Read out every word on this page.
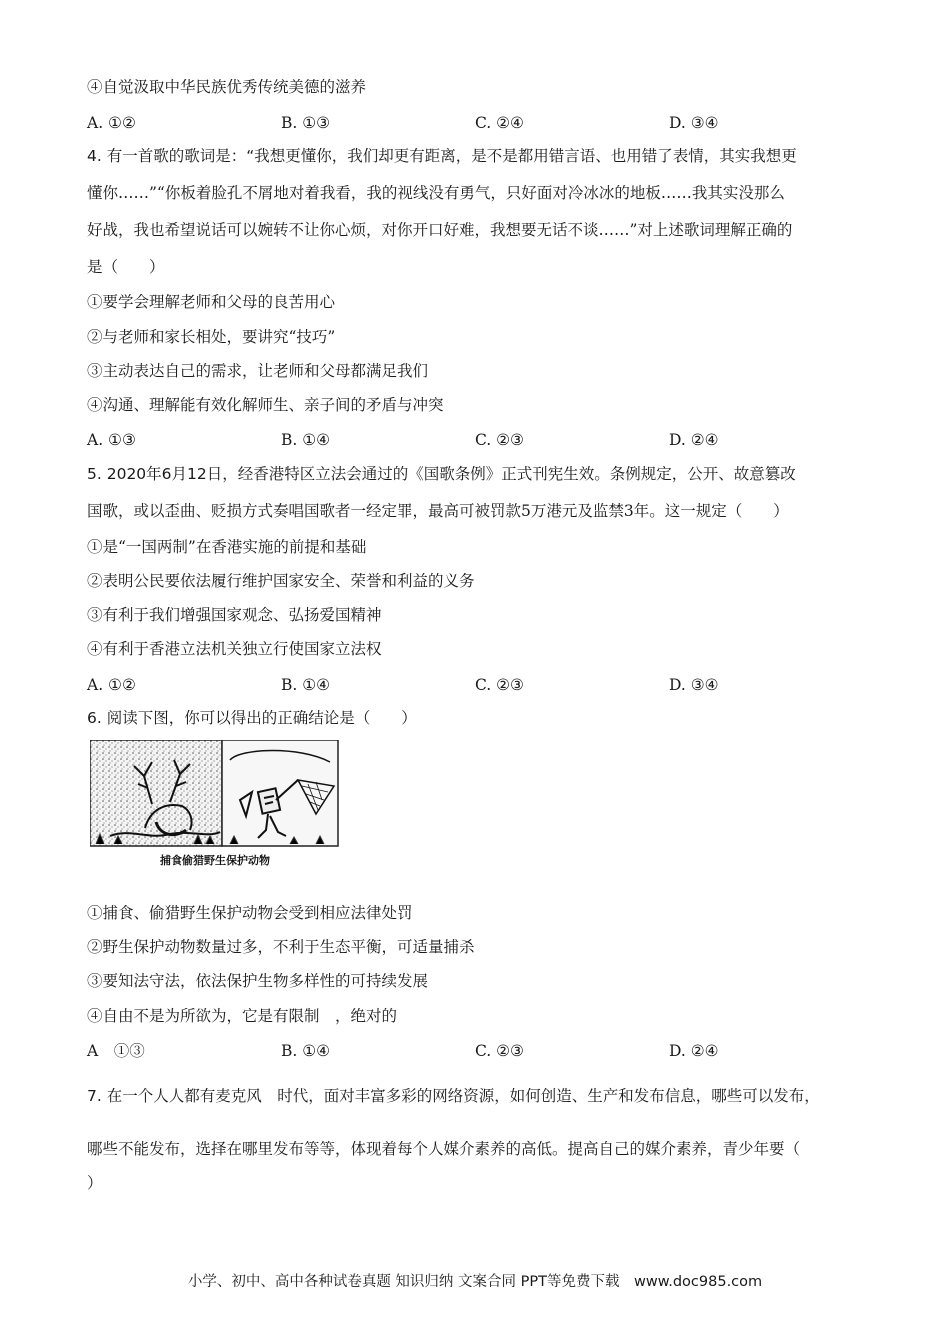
④自觉汲取中华民族优秀传统美德的滋养
A. ①②	B. ①③	C. ②④	D. ③④
4. 有一首歌的歌词是：“我想更懂你，我们却更有距离，是不是都用错言语、也用错了表情，其实我想更
懂你……”“你板着脸孔不屑地对着我看，我的视线没有勇气，只好面对冷冰冰的地板……我其实没那么
好战，我也希望说话可以婉转不让你心烦，对你开口好难，我想要无话不谈……”对上述歌词理解正确的
是（　　）
①要学会理解老师和父母的良苦用心
②与老师和家长相处，要讲究“技巧”
③主动表达自己的需求，让老师和父母都满足我们
④沟通、理解能有效化解师生、亲子间的矛盾与冲突
A. ①③	B. ①④	C. ②③	D. ②④
5. 2020年6月12日，经香港特区立法会通过的《国歌条例》正式刊宪生效。条例规定，公开、故意篡改
国歌，或以歪曲、贬损方式奏唱国歌者一经定罪，最高可被罚款5万港元及监禁3年。这一规定（　　）
①是“一国两制”在香港实施的前提和基础
②表明公民要依法履行维护国家安全、荣誉和利益的义务
③有利于我们增强国家观念、弘扬爱国精神
④有利于香港立法机关独立行使国家立法权
A. ①②	B. ①④	C. ②③	D. ③④
6. 阅读下图，你可以得出的正确结论是（　　）
捕食偷猎野生保护动物
①捕食、偷猎野生保护动物会受到相应法律处罚
②野生保护动物数量过多，不利于生态平衡，可适量捕杀
③要知法守法，依法保护生物多样性的可持续发展
④自由不是为所欲为，它是有限制　，绝对的
A　①③	B. ①④	C. ②③	D. ②④
7. 在一个人人都有麦克风　时代，面对丰富多彩的网络资源，如何创造、生产和发布信息，哪些可以发布，
哪些不能发布，选择在哪里发布等等，体现着每个人媒介素养的高低。提高自己的媒介素养，青少年要（
）
小学、初中、高中各种试卷真题 知识归纳 文案合同 PPT等免费下载　www.doc985.com
